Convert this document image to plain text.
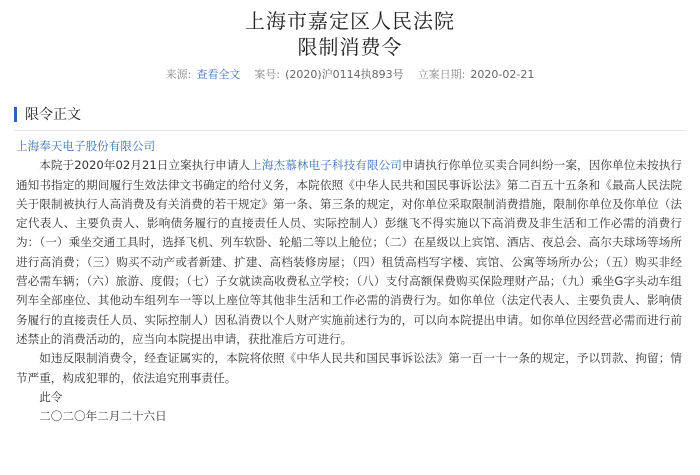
上海市嘉定区人民法院
限制消费令
来源: 查看全文 案号: (2020)沪0114执893号 立案日期: 2020-02-21
限令正文

上海奉天电子股份有限公司

本院于2020年02月21日立案执行申请人上海杰慕林电子科技有限公司申请执行你单位买卖合同纠纷一案，因你单位未按执行通知书指定的期间履行生效法律文书确定的给付义务，本院依照《中华人民共和国民事诉讼法》第二百五十五条和《最高人民法院关于限制被执行人高消费及有关消费的若干规定》第一条、第三条的规定，对你单位采取限制消费措施，限制你单位及你单位（法定代表人、主要负责人、影响债务履行的直接责任人员、实际控制人）彭继飞不得实施以下高消费及非生活和工作必需的消费行为：（一）乘坐交通工具时，选择飞机、列车软卧、轮船二等以上舱位；（二）在星级以上宾馆、酒店、夜总会、高尔夫球场等场所进行高消费；（三）购买不动产或者新建、扩建、高档装修房屋；（四）租赁高档写字楼、宾馆、公寓等场所办公；（五）购买非经营必需车辆；（六）旅游、度假；（七）子女就读高收费私立学校；（八）支付高额保费购买保险理财产品；（九）乘坐G字头动车组列车全部座位、其他动车组列车一等以上座位等其他非生活和工作必需的消费行为。如你单位（法定代表人、主要负责人、影响债务履行的直接责任人员、实际控制人）因私消费以个人财产实施前述行为的，可以向本院提出申请。如你单位因经营必需而进行前述禁止的消费活动的，应当向本院提出申请，获批准后方可进行。

如违反限制消费令，经查证属实的，本院将依照《中华人民共和国民事诉讼法》第一百一十一条的规定，予以罚款、拘留；情节严重，构成犯罪的，依法追究刑事责任。

此令

二〇二〇年二月二十六日
